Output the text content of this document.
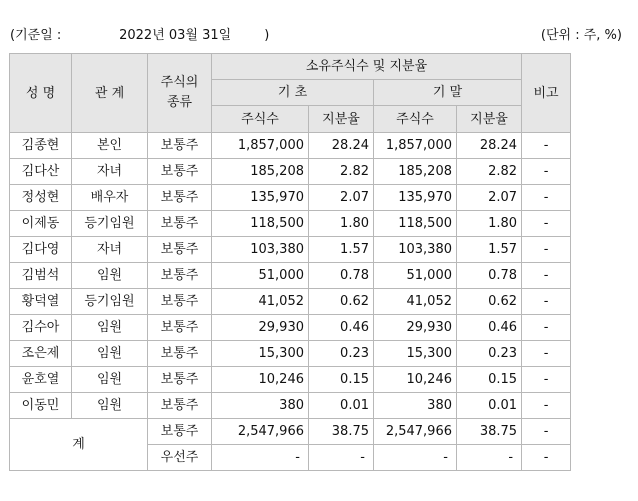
(기준일 :              2022년 03월 31일        )	(단위 : 주, %)
성 명	관 계	주식의 종류	소유주식수 및 지분율				비고
			기 초		기 말		
			주식수	지분율	주식수	지분율	
김종현	본인	보통주	1,857,000	28.24	1,857,000	28.24	-
김다산	자녀	보통주	185,208	2.82	185,208	2.82	-
정성현	배우자	보통주	135,970	2.07	135,970	2.07	-
이제동	등기임원	보통주	118,500	1.80	118,500	1.80	-
김다영	자녀	보통주	103,380	1.57	103,380	1.57	-
김범석	임원	보통주	51,000	0.78	51,000	0.78	-
황덕열	등기임원	보통주	41,052	0.62	41,052	0.62	-
김수아	임원	보통주	29,930	0.46	29,930	0.46	-
조은제	임원	보통주	15,300	0.23	15,300	0.23	-
윤호열	임원	보통주	10,246	0.15	10,246	0.15	-
이동민	임원	보통주	380	0.01	380	0.01	-
계		보통주	2,547,966	38.75	2,547,966	38.75	-
		우선주	-	-	-	-	-
